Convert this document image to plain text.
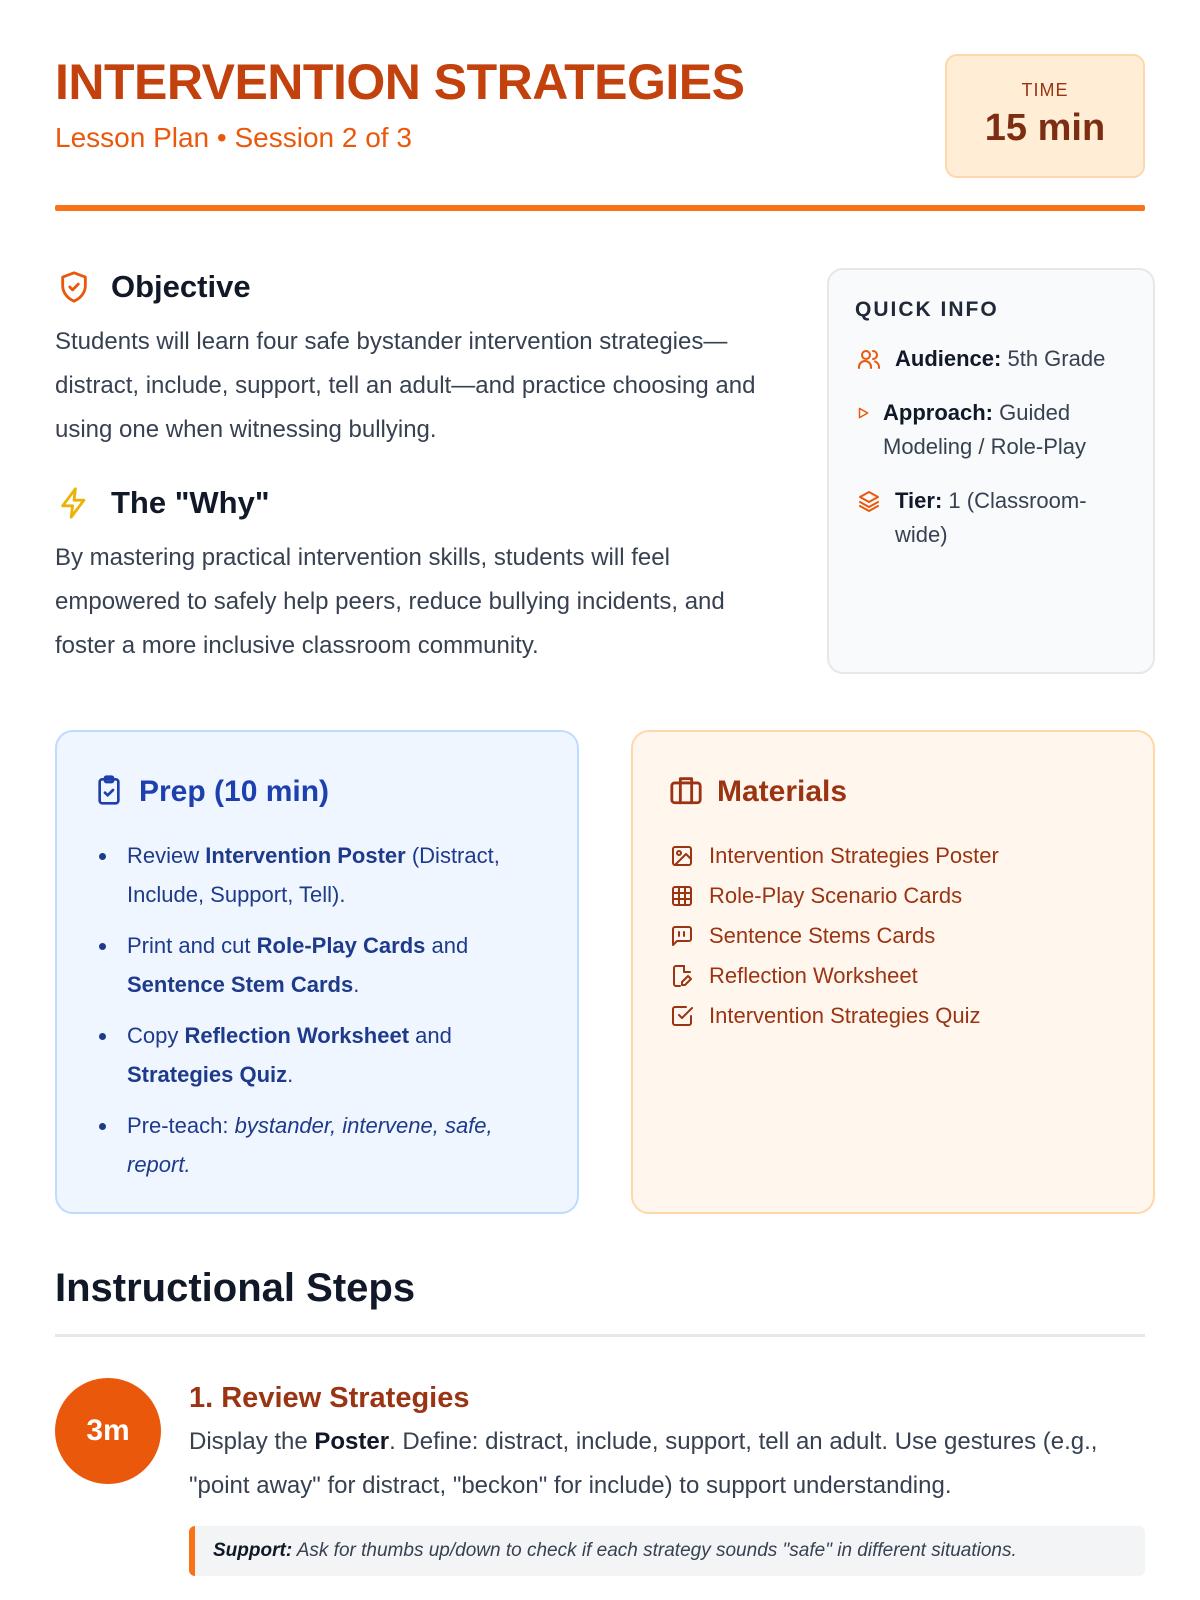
INTERVENTION STRATEGIES
Lesson Plan • Session 2 of 3
TIME
15 min
Objective

Students will learn four safe bystander intervention strategies—distract, include, support, tell an adult—and practice choosing and using one when witnessing bullying.

The "Why"

By mastering practical intervention skills, students will feel empowered to safely help peers, reduce bullying incidents, and foster a more inclusive classroom community.

QUICK INFO
Audience: 5th Grade
Approach: Guided Modeling / Role-Play
Tier: 1 (Classroom-wide)
Prep (10 min)
• Review Intervention Poster (Distract, Include, Support, Tell).
• Print and cut Role-Play Cards and Sentence Stem Cards.
• Copy Reflection Worksheet and Strategies Quiz.
• Pre-teach: bystander, intervene, safe, report.
Materials
Intervention Strategies Poster
Role-Play Scenario Cards
Sentence Stems Cards
Reflection Worksheet
Intervention Strategies Quiz
Instructional Steps
3m
1. Review Strategies
Display the Poster. Define: distract, include, support, tell an adult. Use gestures (e.g., "point away" for distract, "beckon" for include) to support understanding.
Support: Ask for thumbs up/down to check if each strategy sounds "safe" in different situations.
